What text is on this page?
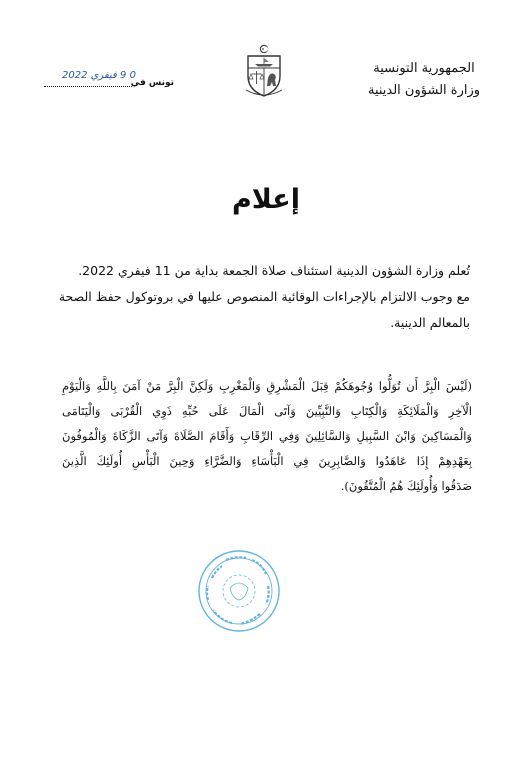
الجمهورية التونسية
وزارة الشؤون الدينية
تونس في
0 9 فيفري 2022
إعلام
تُعلم وزارة الشؤون الدينية استئناف صلاة الجمعة بداية من 11 فيفري 2022.
مع وجوب الالتزام بالإجراءات الوقائية المنصوص عليها في بروتوكول حفظ الصحة
بالمعالم الدينية.
(لَيْسَ الْبِرَّ أَن تُوَلُّوا وُجُوهَكُمْ قِبَلَ الْمَشْرِقِ وَالْمَغْرِبِ وَلَكِنَّ الْبِرَّ مَنْ آمَنَ بِاللَّهِ وَالْيَوْمِ
الْآخِرِ وَالْمَلَائِكَةِ وَالْكِتَابِ وَالنَّبِيِّينَ وَآتَى الْمَالَ عَلَى حُبِّهِ ذَوِي الْقُرْبَى وَالْيَتَامَى
وَالْمَسَاكِينَ وَابْنَ السَّبِيلِ وَالسَّائِلِينَ وَفِي الرِّقَابِ وَأَقَامَ الصَّلَاةَ وَآتَى الزَّكَاةَ وَالْمُوفُونَ
بِعَهْدِهِمْ إِذَا عَاهَدُوا وَالصَّابِرِينَ فِي الْبَأْسَاءِ وَالضَّرَّاءِ وَحِينَ الْبَأْسِ أُولَئِكَ الَّذِينَ
صَدَقُوا وَأُولَئِكَ هُمُ الْمُتَّقُونَ).
